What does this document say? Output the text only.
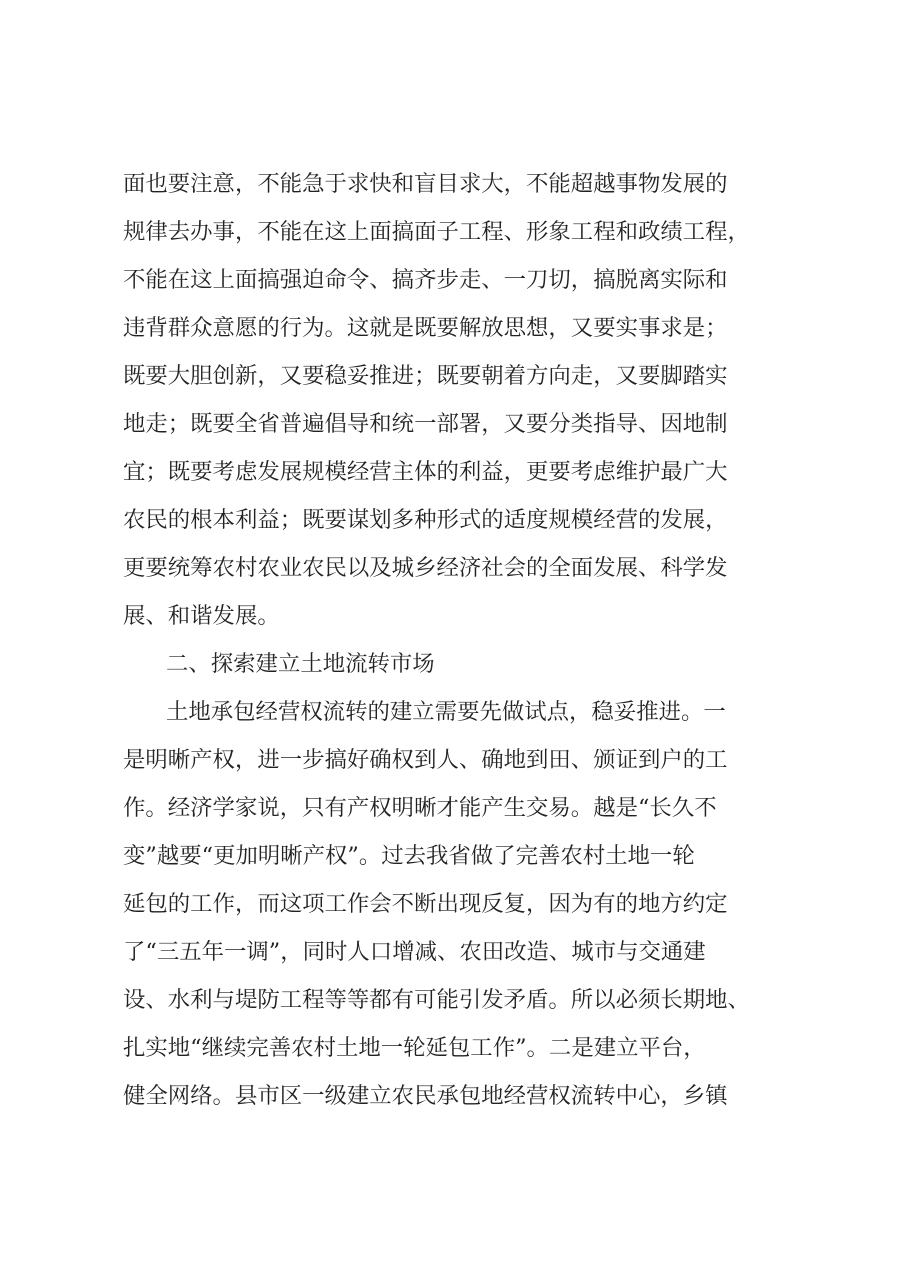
面也要注意，不能急于求快和盲目求大，不能超越事物发展的
规律去办事，不能在这上面搞面子工程、形象工程和政绩工程，
不能在这上面搞强迫命令、搞齐步走、一刀切，搞脱离实际和
违背群众意愿的行为。这就是既要解放思想，又要实事求是；
既要大胆创新，又要稳妥推进；既要朝着方向走，又要脚踏实
地走；既要全省普遍倡导和统一部署，又要分类指导、因地制
宜；既要考虑发展规模经营主体的利益，更要考虑维护最广大
农民的根本利益；既要谋划多种形式的适度规模经营的发展，
更要统筹农村农业农民以及城乡经济社会的全面发展、科学发
展、和谐发展。
二、探索建立土地流转市场
土地承包经营权流转的建立需要先做试点，稳妥推进。一
是明晰产权，进一步搞好确权到人、确地到田、颁证到户的工
作。经济学家说，只有产权明晰才能产生交易。越是“长久不
变”越要“更加明晰产权”。过去我省做了完善农村土地一轮
延包的工作，而这项工作会不断出现反复，因为有的地方约定
了“三五年一调”，同时人口增减、农田改造、城市与交通建
设、水利与堤防工程等等都有可能引发矛盾。所以必须长期地、
扎实地“继续完善农村土地一轮延包工作”。二是建立平台，
健全网络。县市区一级建立农民承包地经营权流转中心，乡镇
